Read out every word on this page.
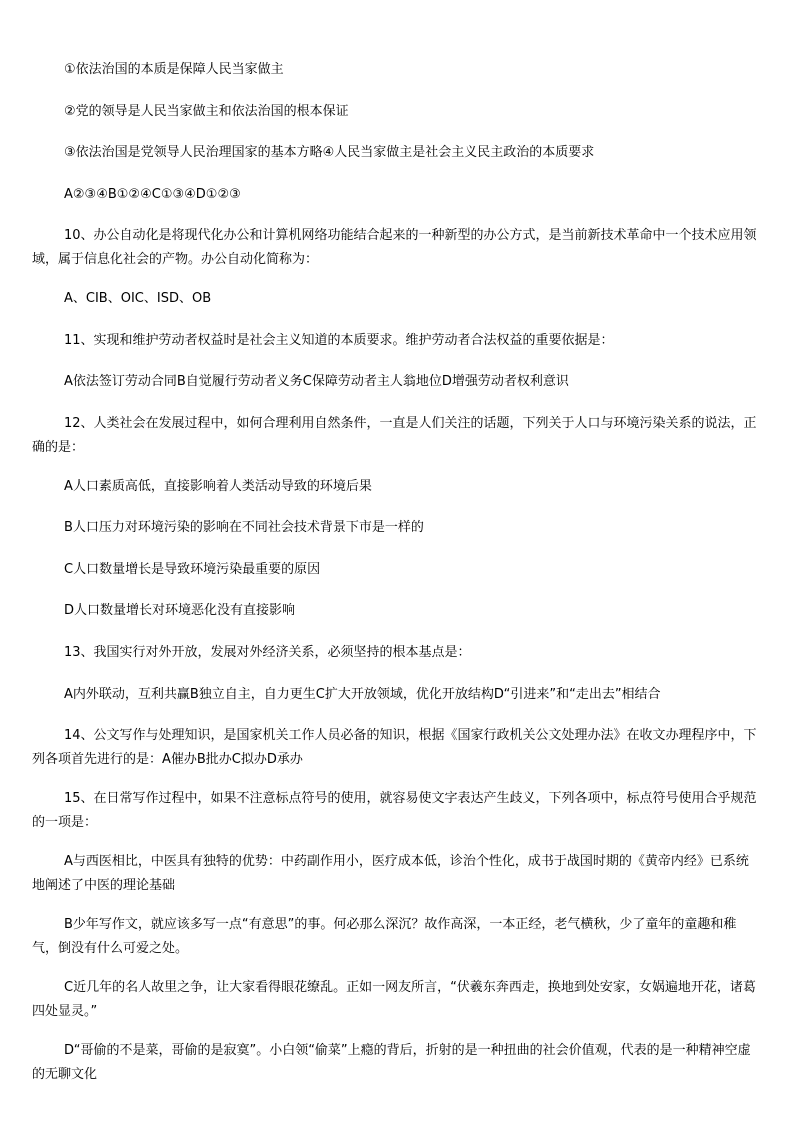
①依法治国的本质是保障人民当家做主

②党的领导是人民当家做主和依法治国的根本保证

③依法治国是党领导人民治理国家的基本方略④人民当家做主是社会主义民主政治的本质要求

A②③④B①②④C①③④D①②③

10、办公自动化是将现代化办公和计算机网络功能结合起来的一种新型的办公方式，是当前新技术革命中一个技术应用领域，属于信息化社会的产物。办公自动化简称为：

A、CIB、OIC、ISD、OB

11、实现和维护劳动者权益时是社会主义知道的本质要求。维护劳动者合法权益的重要依据是：

A依法签订劳动合同B自觉履行劳动者义务C保障劳动者主人翁地位D增强劳动者权利意识

12、人类社会在发展过程中，如何合理利用自然条件，一直是人们关注的话题，下列关于人口与环境污染关系的说法，正确的是：

A人口素质高低，直接影响着人类活动导致的环境后果

B人口压力对环境污染的影响在不同社会技术背景下市是一样的

C人口数量增长是导致环境污染最重要的原因

D人口数量增长对环境恶化没有直接影响

13、我国实行对外开放，发展对外经济关系，必须坚持的根本基点是：

A内外联动，互利共赢B独立自主，自力更生C扩大开放领域，优化开放结构D“引进来”和“走出去”相结合

14、公文写作与处理知识，是国家机关工作人员必备的知识，根据《国家行政机关公文处理办法》在收文办理程序中，下列各项首先进行的是：A催办B批办C拟办D承办

15、在日常写作过程中，如果不注意标点符号的使用，就容易使文字表达产生歧义，下列各项中，标点符号使用合乎规范的一项是：

A与西医相比，中医具有独特的优势：中药副作用小，医疗成本低，诊治个性化，成书于战国时期的《黄帝内经》已系统地阐述了中医的理论基础

B少年写作文，就应该多写一点“有意思”的事。何必那么深沉？故作高深，一本正经，老气横秋，少了童年的童趣和稚气，倒没有什么可爱之处。

C近几年的名人故里之争，让大家看得眼花缭乱。正如一网友所言，“伏羲东奔西走，换地到处安家，女娲遍地开花，诸葛四处显灵。”

D“哥偷的不是菜，哥偷的是寂寞”。小白领“偷菜”上瘾的背后，折射的是一种扭曲的社会价值观，代表的是一种精神空虚的无聊文化
